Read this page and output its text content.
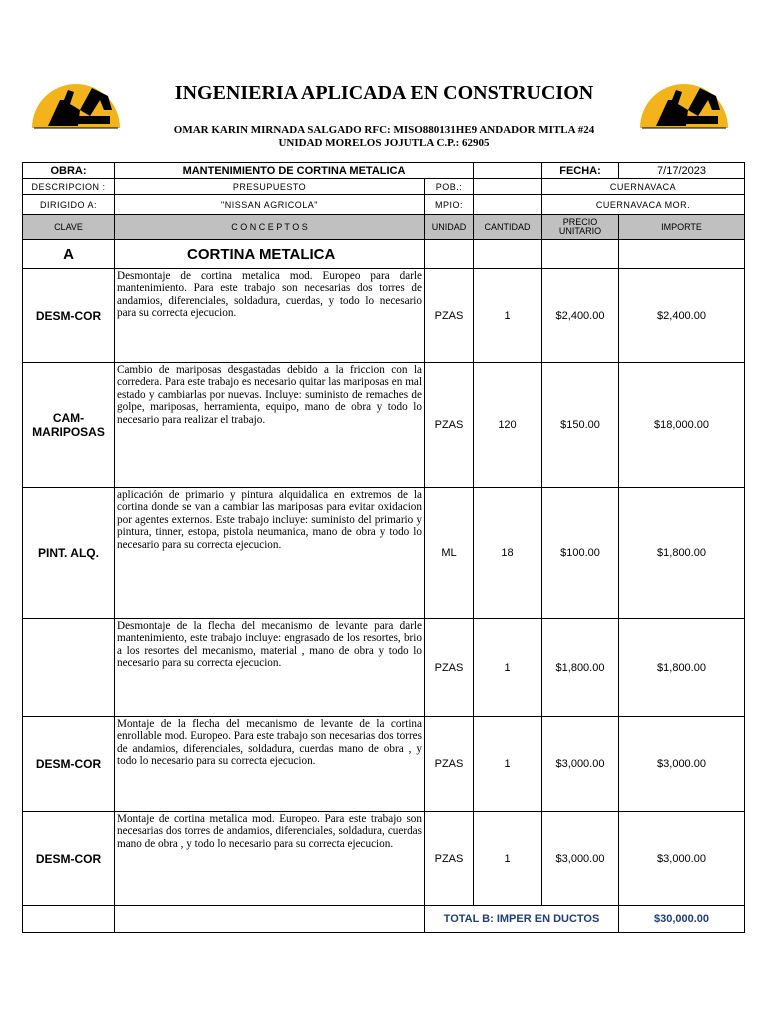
INGENIERIA APLICADA EN CONSTRUCION
OMAR KARIN MIRNADA SALGADO RFC: MISO880131HE9 ANDADOR MITLA #24
UNIDAD MORELOS JOJUTLA C.P.: 62905
OBRA:	MANTENIMIENTO DE CORTINA METALICA			FECHA:	7/17/2023
DESCRIPCION :	PRESUPUESTO	POB.:		CUERNAVACA	
DIRIGIDO A:	"NISSAN AGRICOLA"	MPIO:		CUERNAVACA MOR.	
CLAVE	C O N C E P T O S	UNIDAD	CANTIDAD	PRECIO UNITARIO	IMPORTE
A	CORTINA METALICA				
DESM-COR	Desmontaje de cortina metalica mod. Europeo para darle mantenimiento. Para este trabajo son necesarias dos torres de andamios, diferenciales, soldadura, cuerdas, y todo lo necesario para su correcta ejecucion.	PZAS	1	$2,400.00	$2,400.00
CAM-MARIPOSAS	Cambio de mariposas desgastadas debido a la friccion con la corredera. Para este trabajo es necesario quitar las mariposas en mal estado y cambiarlas por nuevas. Incluye: suministo de remaches de golpe, mariposas, herramienta, equipo, mano de obra y todo lo necesario para realizar el trabajo.	PZAS	120	$150.00	$18,000.00
PINT. ALQ.	aplicación de primario y pintura alquidalica en extremos de la cortina donde se van a cambiar las mariposas para evitar oxidacion por agentes externos. Este trabajo incluye: suministo del primario y pintura, tinner, estopa, pistola neumanica, mano de obra y todo lo necesario para su correcta ejecucion.	ML	18	$100.00	$1,800.00
	Desmontaje de la flecha del mecanismo de levante para darle mantenimiento, este trabajo incluye: engrasado de los resortes, brio a los resortes del mecanismo, material , mano de obra y todo lo necesario para su correcta ejecucion.	PZAS	1	$1,800.00	$1,800.00
DESM-COR	Montaje de la flecha del mecanismo de levante de la cortina enrollable mod. Europeo. Para este trabajo son necesarias dos torres de andamios, diferenciales, soldadura, cuerdas mano de obra , y todo lo necesario para su correcta ejecucion.	PZAS	1	$3,000.00	$3,000.00
DESM-COR	Montaje de cortina metalica mod. Europeo. Para este trabajo son necesarias dos torres de andamios, diferenciales, soldadura, cuerdas mano de obra , y todo lo necesario para su correcta ejecucion.	PZAS	1	$3,000.00	$3,000.00
		TOTAL B: IMPER EN DUCTOS			$30,000.00
